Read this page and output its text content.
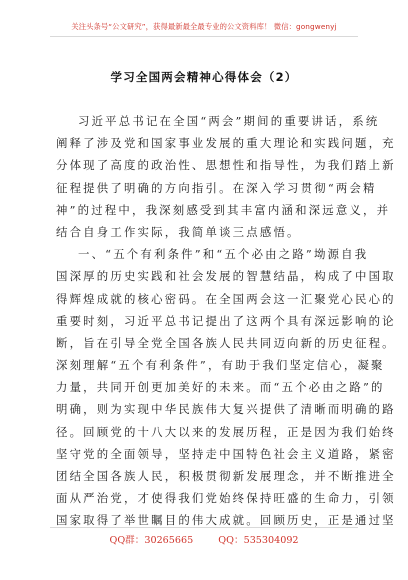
关注头条号“公文研究”，获得最新最全最专业的公文资料库！ 微信：gongwenyj
学习全国两会精神心得体会（2）
习近平总书记在全国“两会”期间的重要讲话，系统
阐释了涉及党和国家事业发展的重大理论和实践问题，充
分体现了高度的政治性、思想性和指导性，为我们踏上新
征程提供了明确的方向指引。在深入学习贯彻“两会精
神”的过程中，我深刻感受到其丰富内涵和深远意义，并
结合自身工作实际，我简单谈三点感悟。
一、“五个有利条件”和“五个必由之路”坳源自我
国深厚的历史实践和社会发展的智慧结晶，构成了中国取
得辉煌成就的核心密码。在全国两会这一汇聚党心民心的
重要时刻，习近平总书记提出了这两个具有深远影响的论
断，旨在引导全党全国各族人民共同迈向新的历史征程。
深刻理解“五个有利条件”，有助于我们坚定信心，凝聚
力量，共同开创更加美好的未来。而“五个必由之路”的
明确，则为实现中华民族伟大复兴提供了清晰而明确的路
径。回顾党的十八大以来的发展历程，正是因为我们始终
坚守党的全面领导，坚持走中国特色社会主义道路，紧密
团结全国各族人民，积极贯彻新发展理念，并不断推进全
面从严治党，才使得我们党始终保持旺盛的生命力，引领
国家取得了举世瞩目的伟大成就。回顾历史，正是通过坚
QQ群：30265665	QQ：535304092
